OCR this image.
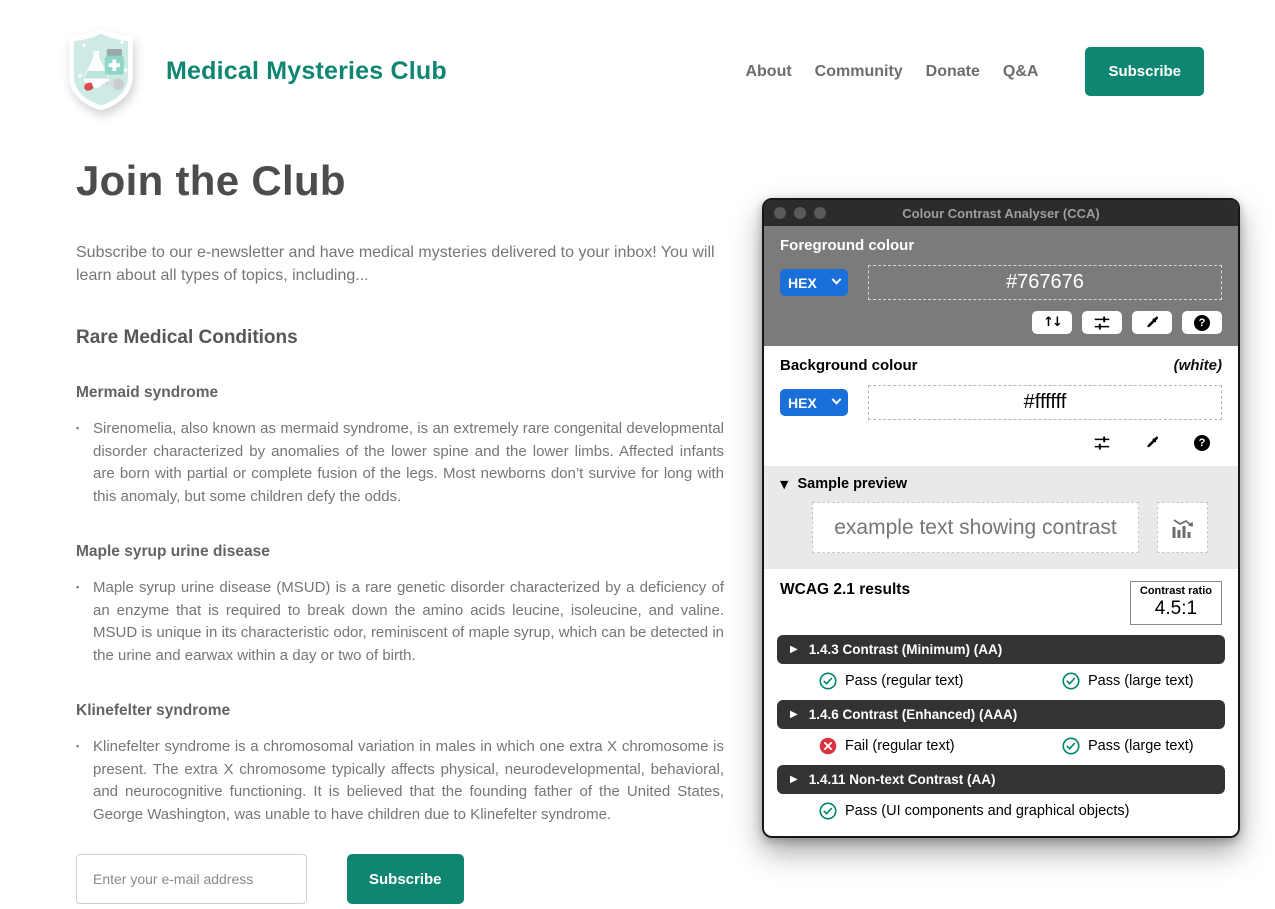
Medical Mysteries Club	About Community Donate Q&A	Subscribe
Join the Club

Subscribe to our e-newsletter and have medical mysteries delivered to your inbox! You will learn about all types of topics, including...

Rare Medical Conditions
Mermaid syndrome
▪ Sirenomelia, also known as mermaid syndrome, is an extremely rare congenital developmental disorder characterized by anomalies of the lower spine and the lower limbs. Affected infants are born with partial or complete fusion of the legs. Most newborns don’t survive for long with this anomaly, but some children defy the odds.
Maple syrup urine disease
▪ Maple syrup urine disease (MSUD) is a rare genetic disorder characterized by a deficiency of an enzyme that is required to break down the amino acids leucine, isoleucine, and valine. MSUD is unique in its characteristic odor, reminiscent of maple syrup, which can be detected in the urine and earwax within a day or two of birth.
Klinefelter syndrome
▪ Klinefelter syndrome is a chromosomal variation in males in which one extra X chromosome is present. The extra X chromosome typically affects physical, neurodevelopmental, behavioral, and neurocognitive functioning. It is believed that the founding father of the United States, George Washington, was unable to have children due to Klinefelter syndrome.
Enter your e-mail address
Subscribe
Colour Contrast Analyser (CCA)
Foreground colour
HEX
#767676
↑↓	?
Background colour	(white)
HEX
#ffffff
?
▼ Sample preview
example text showing contrast
WCAG 2.1 results	Contrast ratio
4.5:1
▶ 1.4.3 Contrast (Minimum) (AA)
Pass (regular text)	Pass (large text)
▶ 1.4.6 Contrast (Enhanced) (AAA)
Fail (regular text)	Pass (large text)
▶ 1.4.11 Non-text Contrast (AA)
Pass (UI components and graphical objects)
